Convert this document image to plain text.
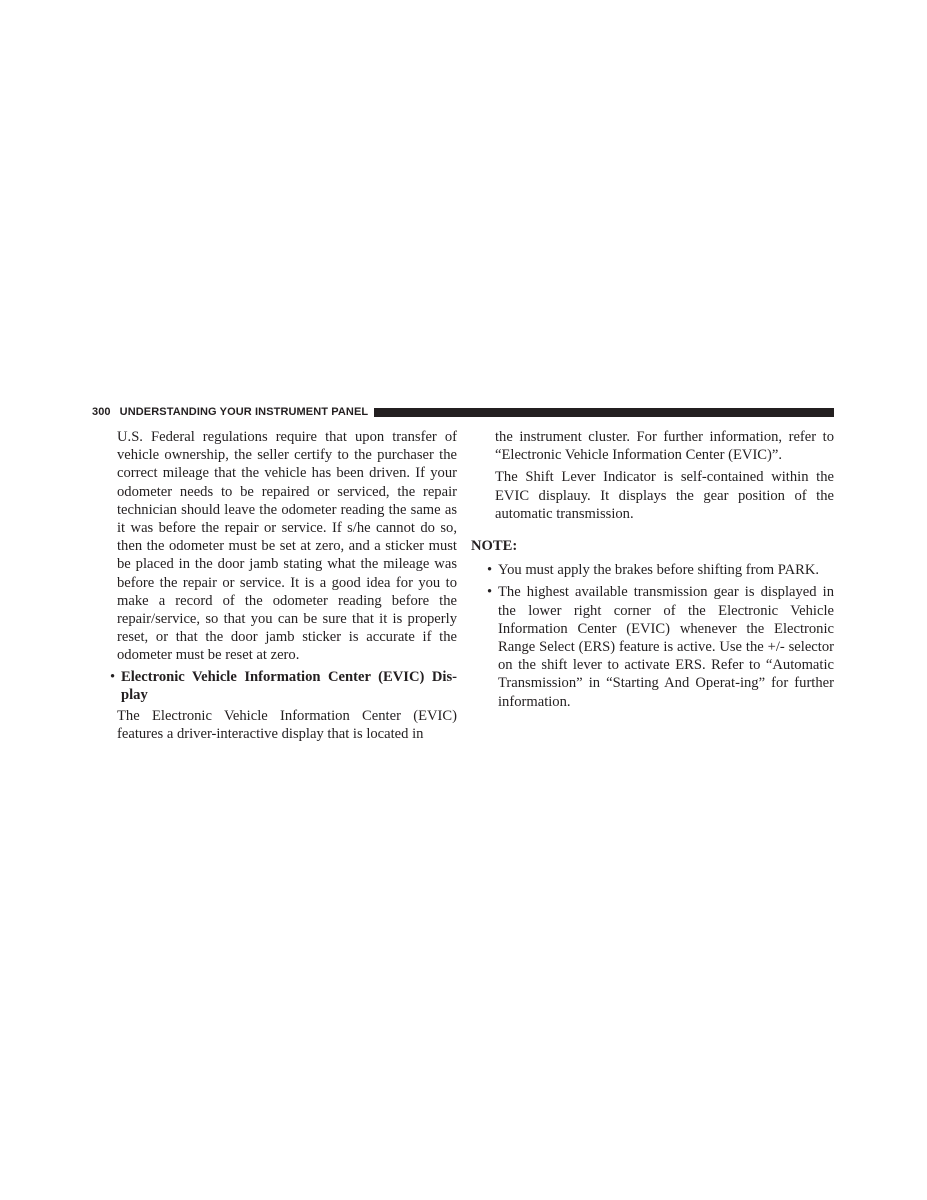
300 UNDERSTANDING YOUR INSTRUMENT PANEL

U.S. Federal regulations require that upon transfer of vehicle ownership, the seller certify to the purchaser the correct mileage that the vehicle has been driven. If your odometer needs to be repaired or serviced, the repair technician should leave the odometer reading the same as it was before the repair or service. If s/he cannot do so, then the odometer must be set at zero, and a sticker must be placed in the door jamb stating what the mileage was before the repair or service. It is a good idea for you to make a record of the odometer reading before the repair/service, so that you can be sure that it is properly reset, or that the door jamb sticker is accurate if the odometer must be reset at zero.

• Electronic Vehicle Information Center (EVIC) Dis-play

The Electronic Vehicle Information Center (EVIC) features a driver-interactive display that is located in

the instrument cluster. For further information, refer to “Electronic Vehicle Information Center (EVIC)”.

The Shift Lever Indicator is self-contained within the EVIC displauy. It displays the gear position of the automatic transmission.

NOTE:
• You must apply the brakes before shifting from PARK.
• The highest available transmission gear is displayed in the lower right corner of the Electronic Vehicle Information Center (EVIC) whenever the Electronic Range Select (ERS) feature is active. Use the +/- selector on the shift lever to activate ERS. Refer to “Automatic Transmission” in “Starting And Operat-ing” for further information.
